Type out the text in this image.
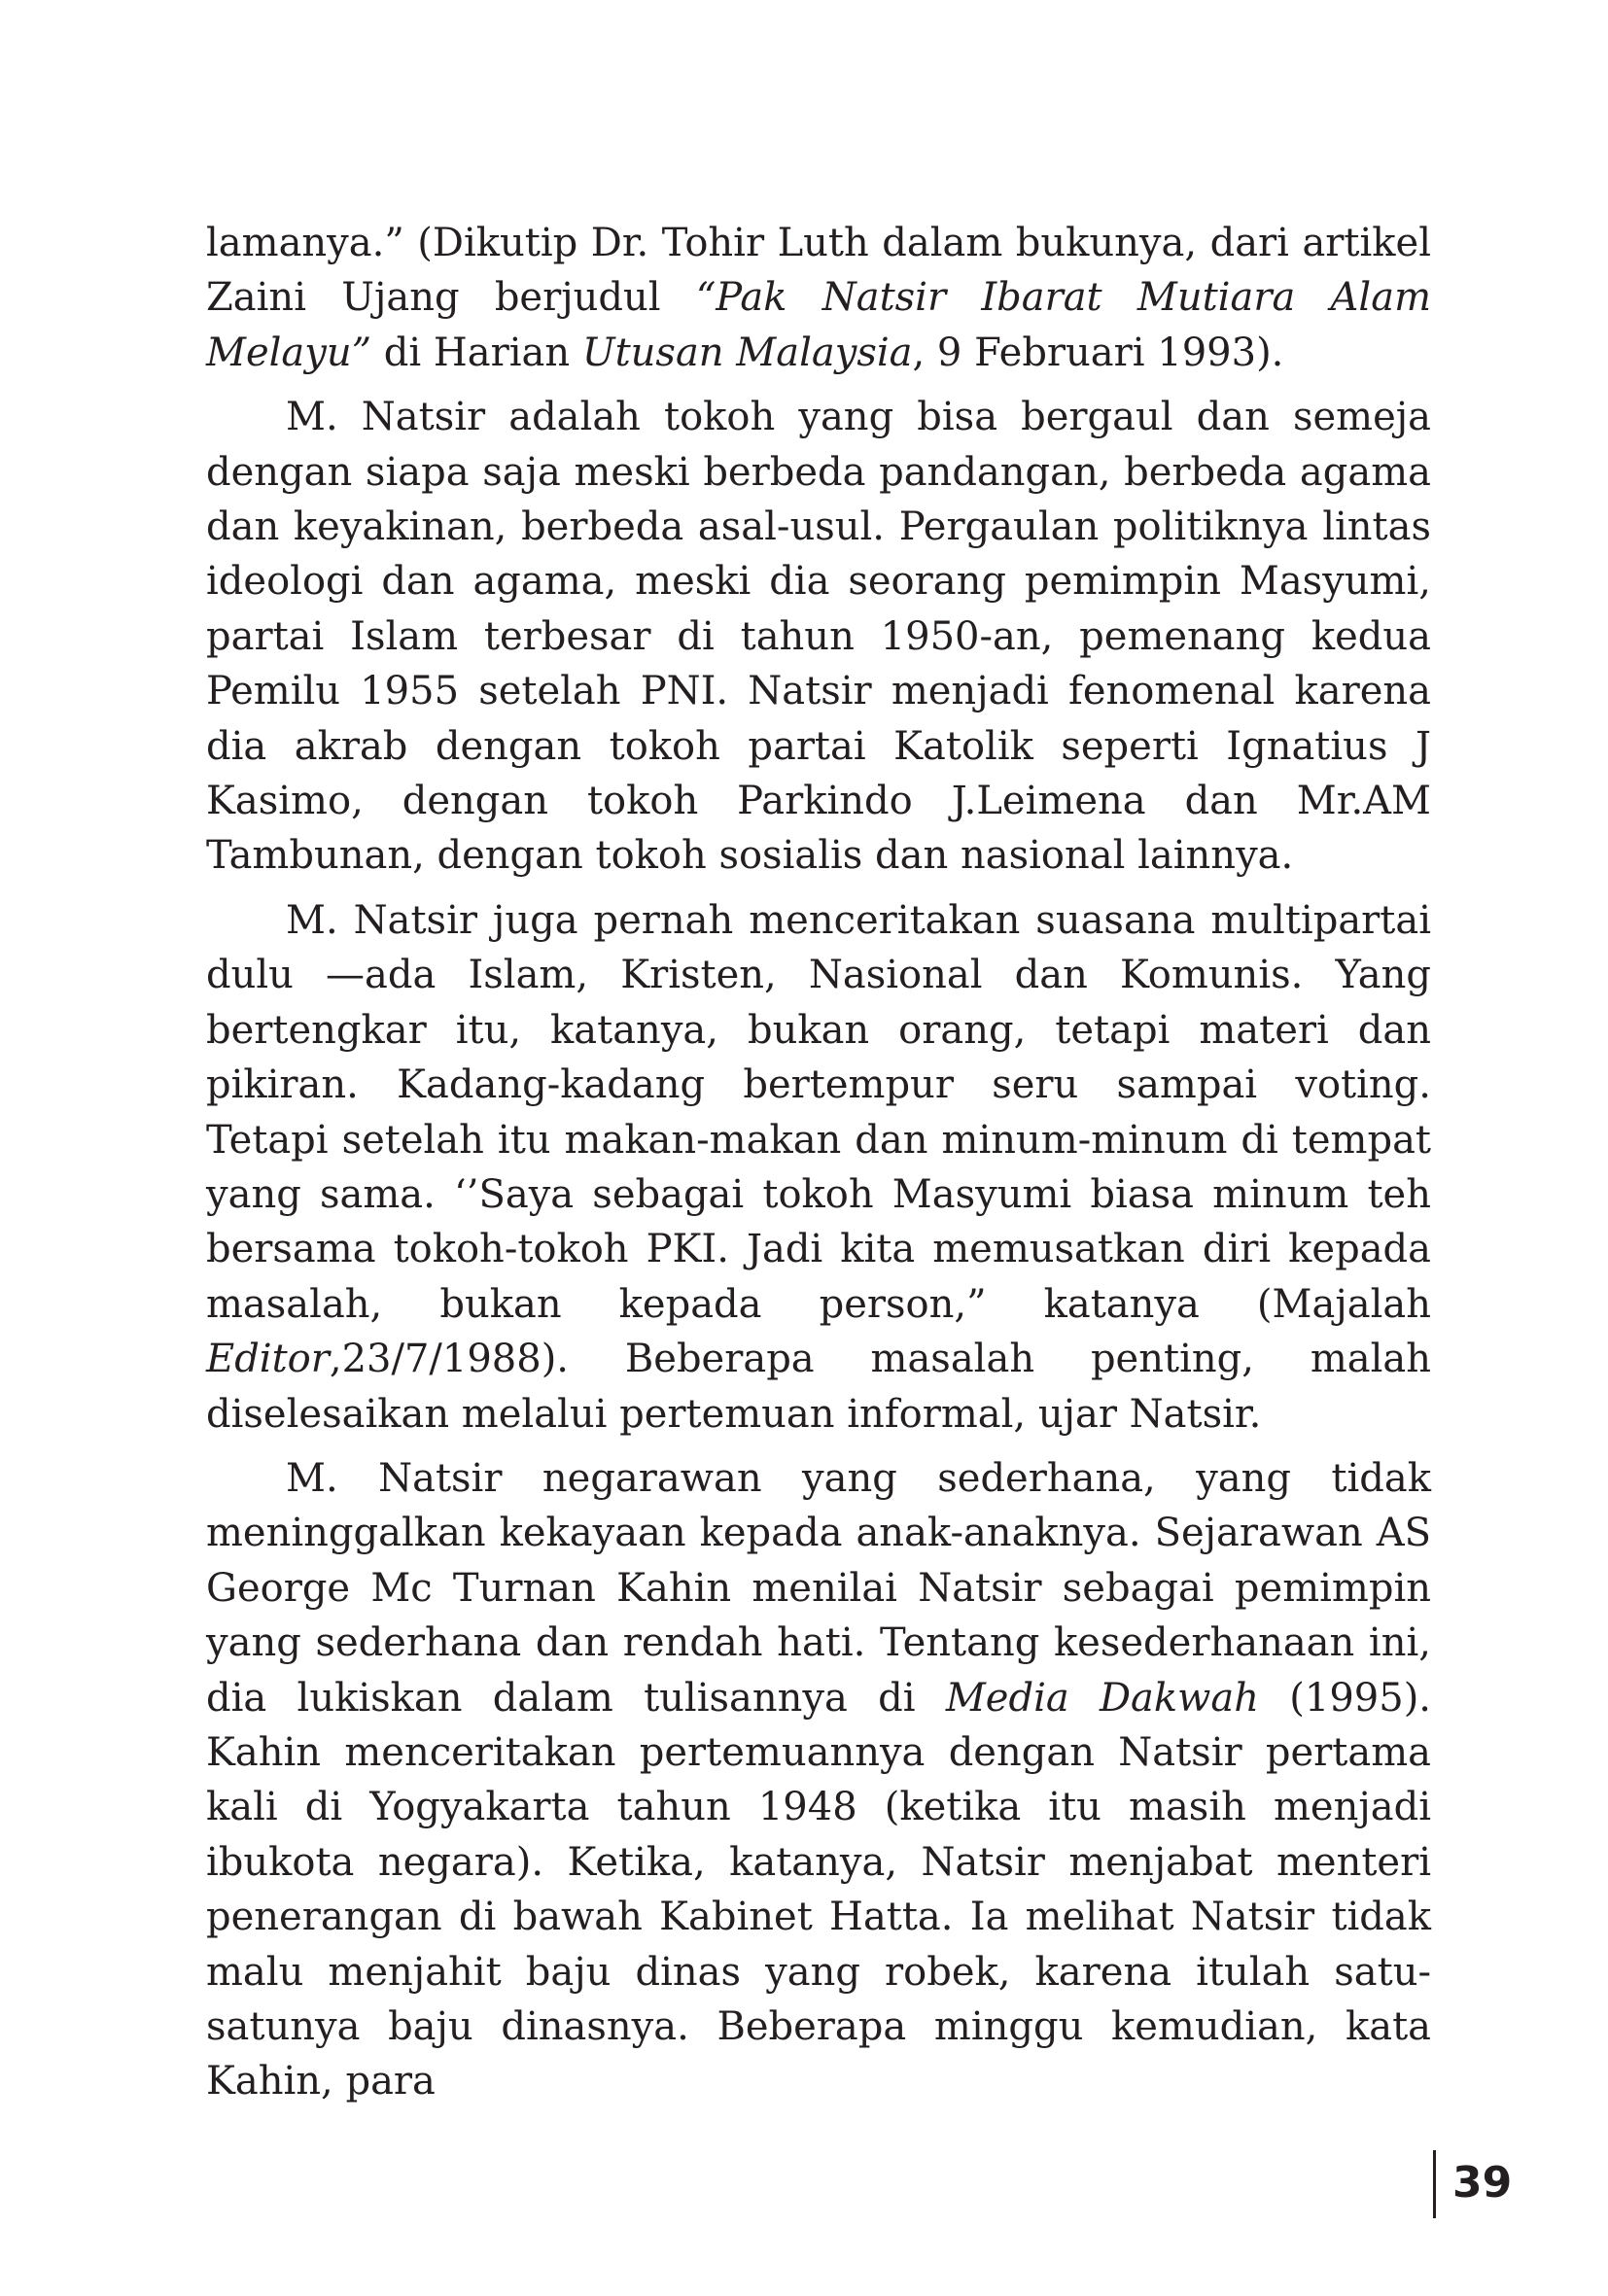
lamanya.” (Dikutip Dr. Tohir Luth dalam bukunya, dari artikel Zaini Ujang berjudul “Pak Natsir Ibarat Mutiara Alam Melayu” di Harian Utusan Malaysia, 9 Februari 1993).

M. Natsir adalah tokoh yang bisa bergaul dan semeja dengan siapa saja meski berbeda pandangan, berbeda agama dan keyakinan, berbeda asal-usul. Pergaulan politiknya lintas ideologi dan agama, meski dia seorang pemimpin Masyumi, partai Islam terbesar di tahun 1950-an, pemenang kedua Pemilu 1955 setelah PNI. Natsir menjadi fenomenal karena dia akrab dengan tokoh partai Katolik seperti Ignatius J Kasimo, dengan tokoh Parkindo J.Leimena dan Mr.AM Tambunan, dengan tokoh sosialis dan nasional lainnya.

M. Natsir juga pernah menceritakan suasana multipartai dulu —ada Islam, Kristen, Nasional dan Komunis. Yang bertengkar itu, katanya, bukan orang, tetapi materi dan pikiran. Kadang-kadang bertempur seru sampai voting. Tetapi setelah itu makan-makan dan minum-minum di tempat yang sama. ‘’Saya sebagai tokoh Masyumi biasa minum teh bersama tokoh-tokoh PKI. Jadi kita memusatkan diri kepada masalah, bukan kepada person,” katanya (Majalah Editor,23/7/1988). Beberapa masalah penting, malah diselesaikan melalui pertemuan informal, ujar Natsir.

M. Natsir negarawan yang sederhana, yang tidak meninggalkan kekayaan kepada anak-anaknya. Sejarawan AS George Mc Turnan Kahin menilai Natsir sebagai pemimpin yang sederhana dan rendah hati. Tentang kesederhanaan ini, dia lukiskan dalam tulisannya di Media Dakwah (1995). Kahin menceritakan pertemuannya dengan Natsir pertama kali di Yogyakarta tahun 1948 (ketika itu masih menjadi ibukota negara). Ketika, katanya, Natsir menjabat menteri penerangan di bawah Kabinet Hatta. Ia melihat Natsir tidak malu menjahit baju dinas yang robek, karena itulah satu-satunya baju dinasnya. Beberapa minggu kemudian, kata Kahin, para

39
